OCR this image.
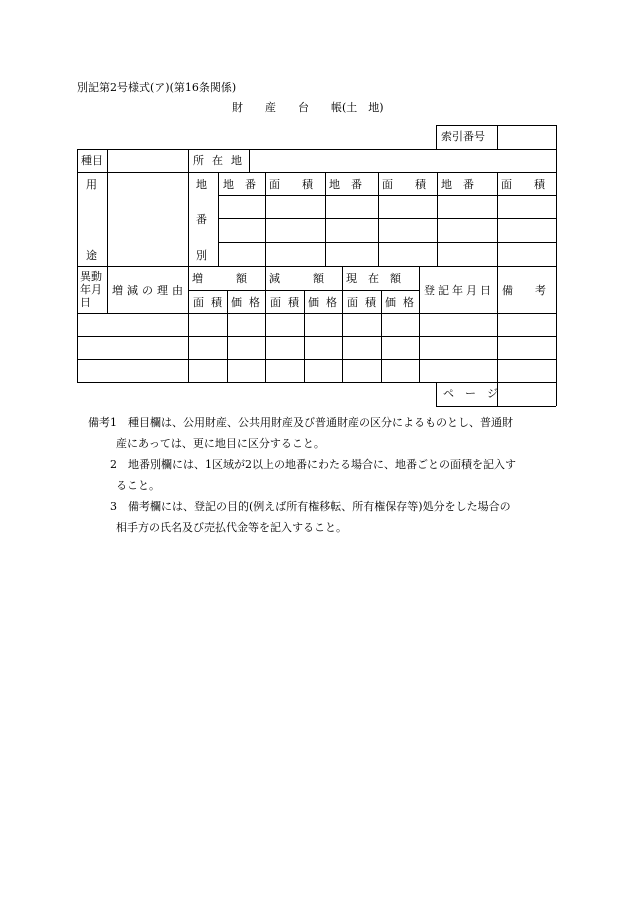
別記第2号様式(ア)(第16条関係)
財　　産　　台　　帳(土　地)
索引番号
種目	所在地
用
途
地
番
別
地　番 面　　積 地　番 面　　積 地　番 面　　積
異動年月日
増減の理由
増　　　額 減　　　額 現　在　額
面積 価格 面積 価格 面積 価格
登記年月日 備　　考
ペ　ー　ジ
備考1　種目欄は、公用財産、公共用財産及び普通財産の区分によるものとし、普通財
産にあっては、更に地目に区分すること。
2　地番別欄には、1区域が2以上の地番にわたる場合に、地番ごとの面積を記入す
ること。
3　備考欄には、登記の目的(例えば所有権移転、所有権保存等)処分をした場合の
相手方の氏名及び売払代金等を記入すること。
